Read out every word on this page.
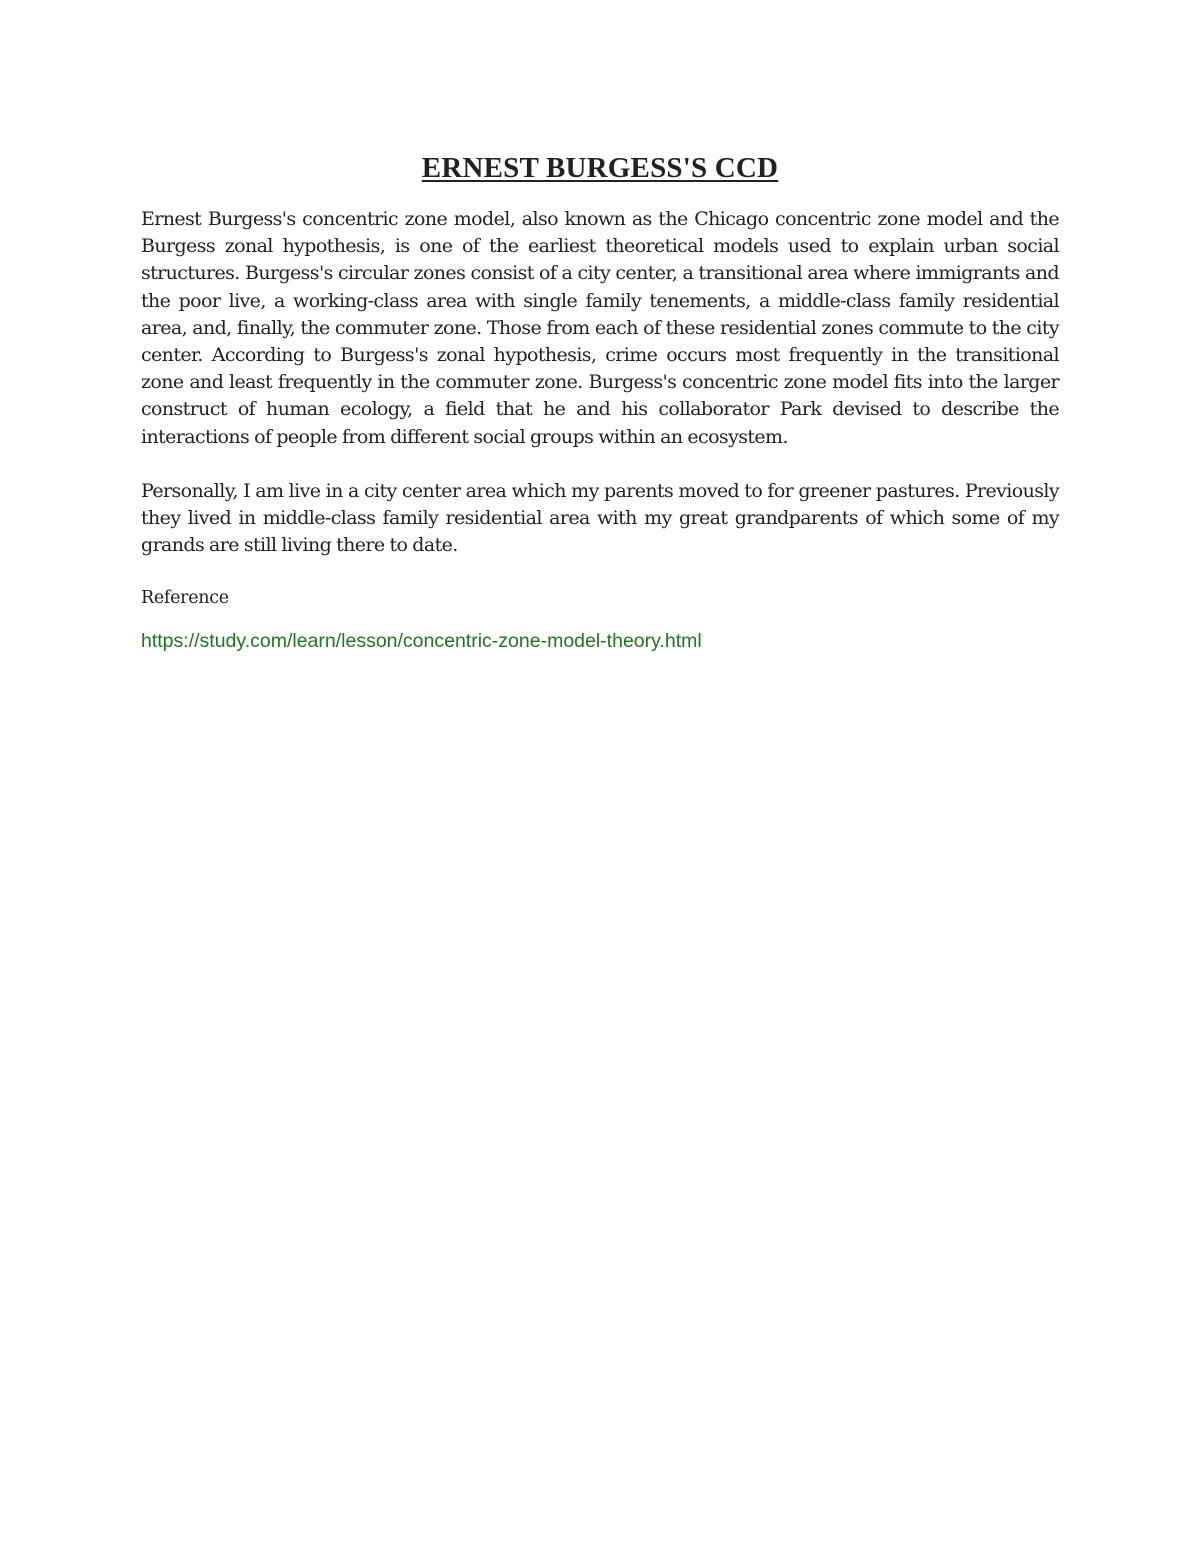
ERNEST BURGESS'S CCD

Ernest Burgess's concentric zone model, also known as the Chicago concentric zone model and the Burgess zonal hypothesis, is one of the earliest theoretical models used to explain urban social structures. Burgess's circular zones consist of a city center, a transitional area where immigrants and the poor live, a working-class area with single family tenements, a middle-class family residential area, and, finally, the commuter zone. Those from each of these residential zones commute to the city center. According to Burgess's zonal hypothesis, crime occurs most frequently in the transitional zone and least frequently in the commuter zone. Burgess's concentric zone model fits into the larger construct of human ecology, a field that he and his collaborator Park devised to describe the interactions of people from different social groups within an ecosystem.

Personally, I am live in a city center area which my parents moved to for greener pastures. Previously they lived in middle-class family residential area with my great grandparents of which some of my grands are still living there to date.

Reference
https://study.com/learn/lesson/concentric-zone-model-theory.html
